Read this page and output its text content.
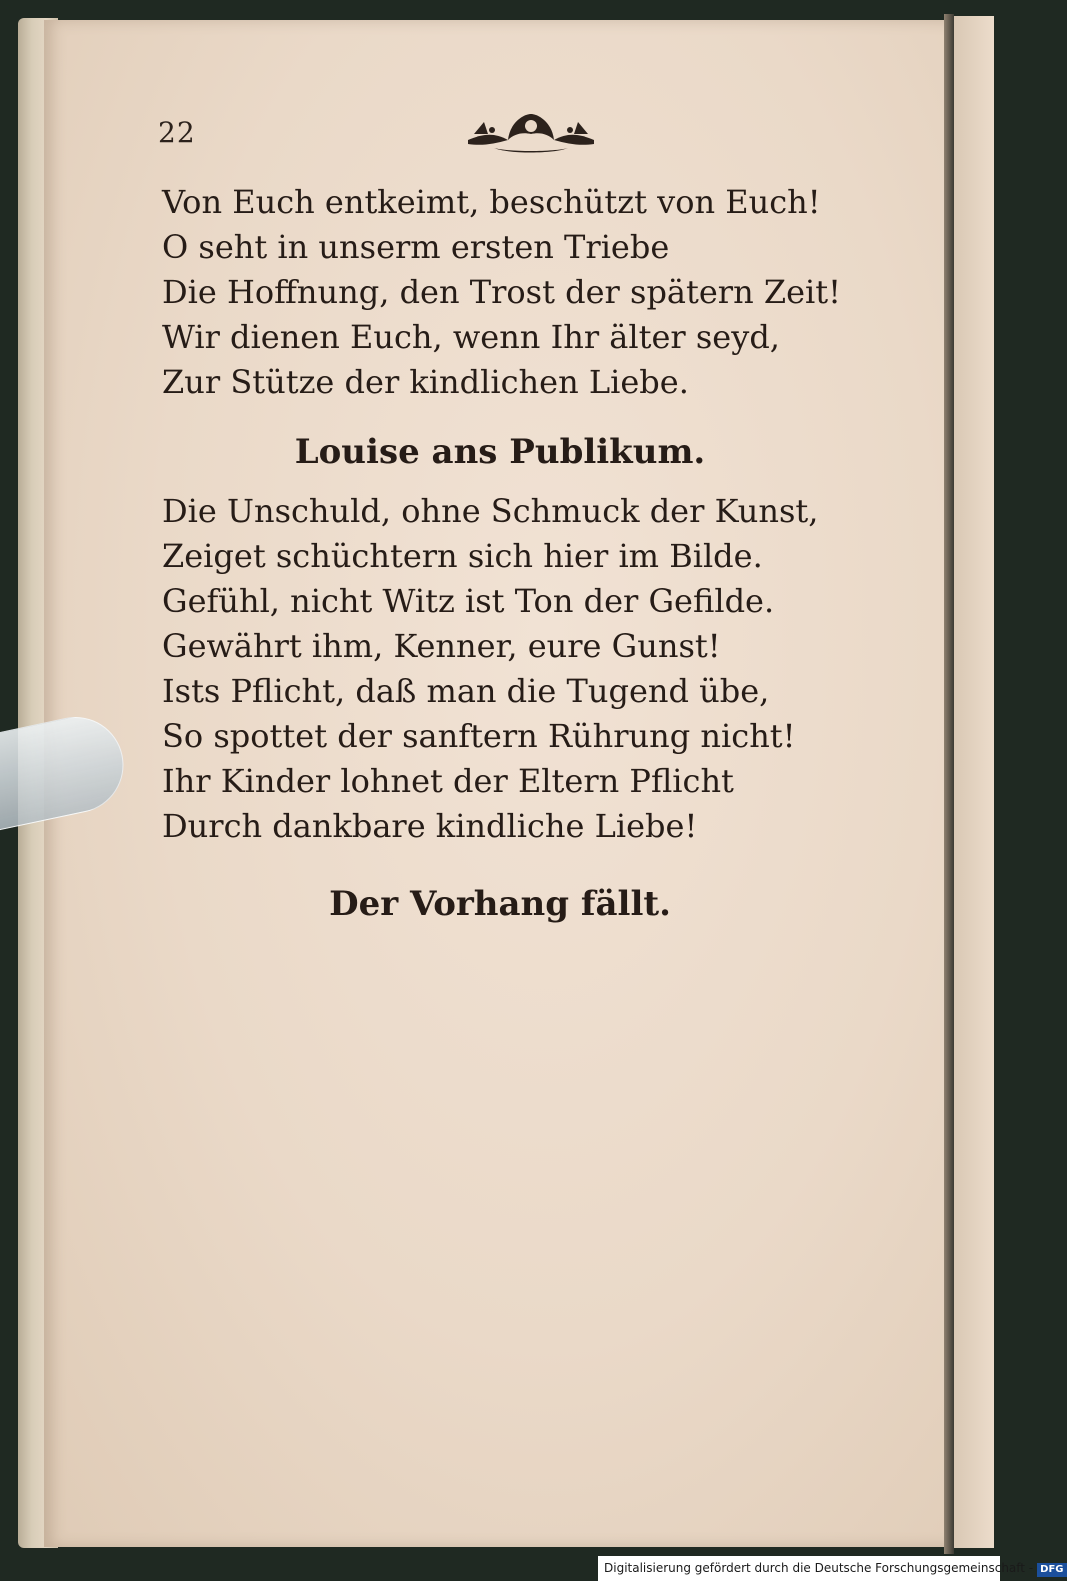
22
Von Euch entkeimt, beschützt von Euch!
O seht in unserm ersten Triebe
Die Hoffnung, den Trost der spätern Zeit!
Wir dienen Euch, wenn Ihr älter seyd,
Zur Stütze der kindlichen Liebe.
Louise ans Publikum.
Die Unschuld, ohne Schmuck der Kunst,
Zeiget schüchtern sich hier im Bilde.
Gefühl, nicht Witz ist Ton der Gefilde.
Gewährt ihm, Kenner, eure Gunst!
Ists Pflicht, daß man die Tugend übe,
So spottet der sanftern Rührung nicht!
Ihr Kinder lohnet der Eltern Pflicht
Durch dankbare kindliche Liebe!
Der Vorhang fällt.
Digitalisierung gefördert durch die Deutsche Forschungsgemeinschaft - DFG
